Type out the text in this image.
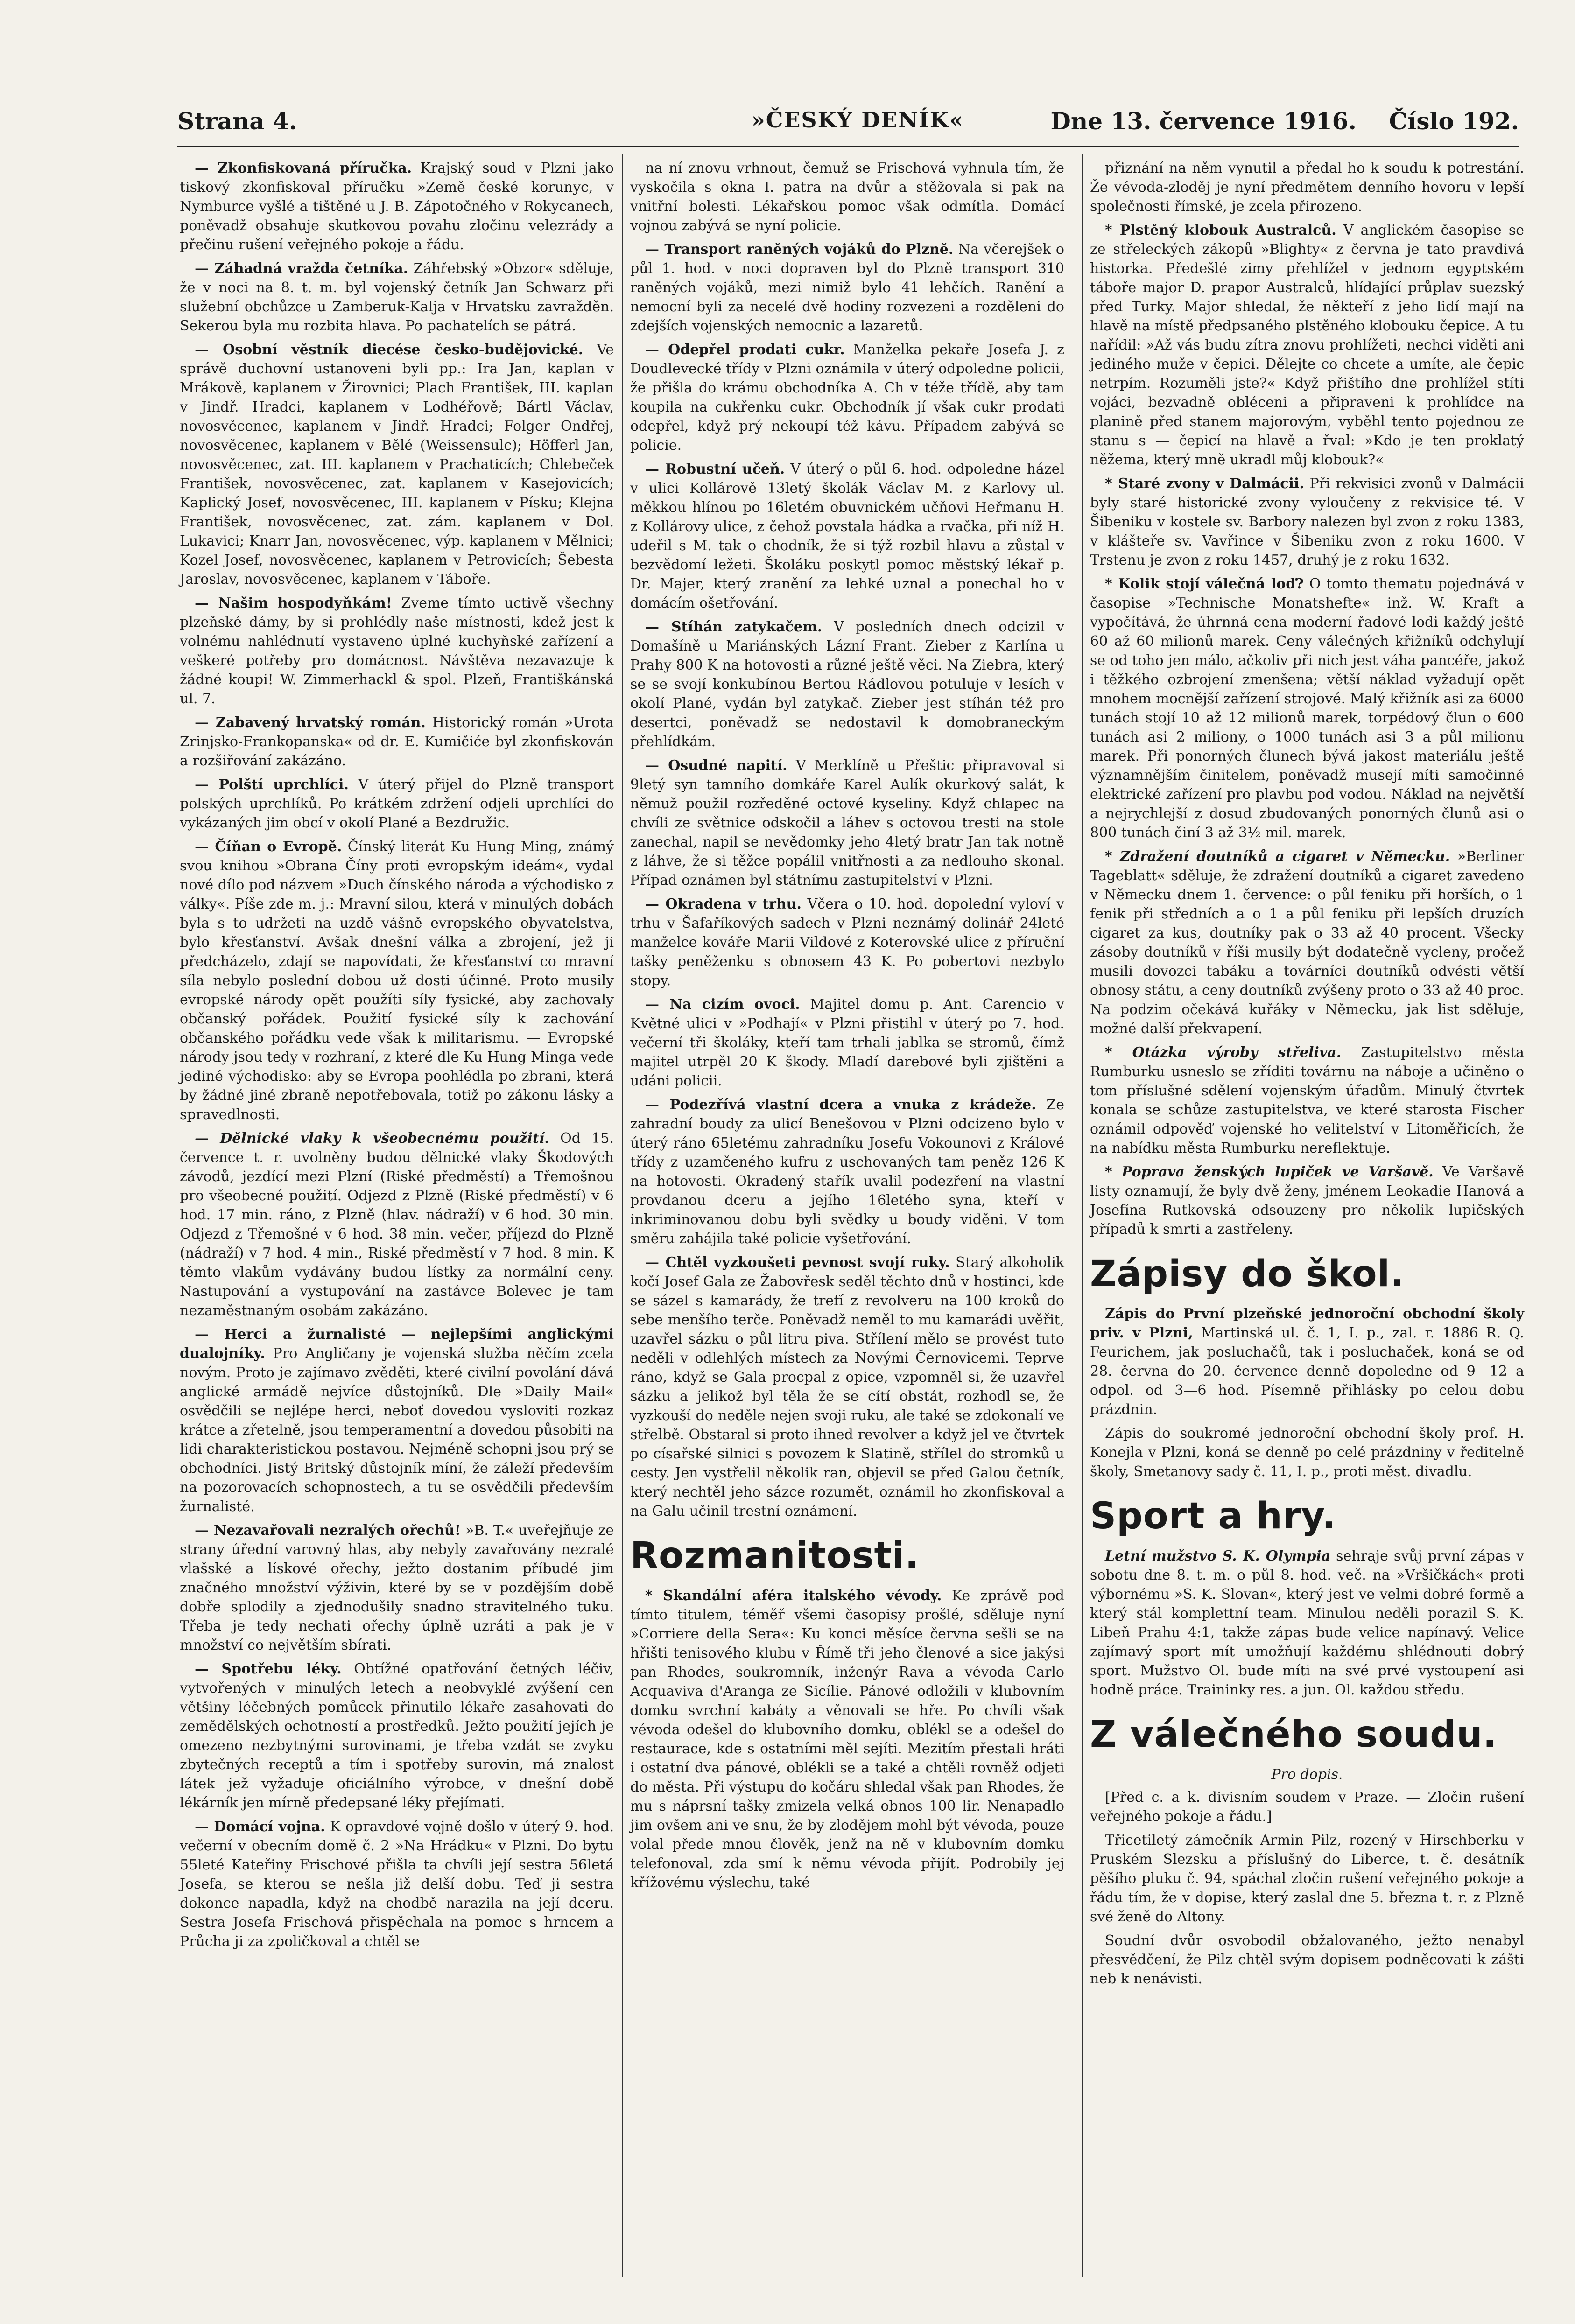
Strana 4.	»ČESKÝ DENÍK«	Dne 13. července 1916. Číslo 192.
— Zkonfiskovaná příručka. Krajský soud v Plzni jako tiskový zkonfiskoval příručku »Země české korunyc, v Nymburce vyšlé a tištěné u J. B. Zápotočného v Rokycanech, poněvadž obsahuje skutkovou povahu zločinu velezrády a přečinu rušení veřejného pokoje a řádu.
— Záhadná vražda četníka. Záhřebský »Obzor« sděluje, že v noci na 8. t. m. byl vojenský četník Jan Schwarz při služební obchůzce u Zamberuk-Kalja v Hrvatsku zavražděn. Sekerou byla mu rozbita hlava. Po pachatelích se pátrá.
— Osobní věstník diecése česko-budějovické. Ve správě duchovní ustanoveni byli pp.: Ira Jan, kaplan v Mrákově, kaplanem v Žirovnici; Plach František, III. kaplan v Jindř. Hradci, kaplanem v Lodhéřově; Bártl Václav, novosvěcenec, kaplanem v Jindř. Hradci; Folger Ondřej, novosvěcenec, kaplanem v Bělé (Weissensulc); Höfferl Jan, novosvěcenec, zat. III. kaplanem v Prachaticích; Chlebeček František, novosvěcenec, zat. kaplanem v Kasejovicích; Kaplický Josef, novosvěcenec, III. kaplanem v Písku; Klejna František, novosvěcenec, zat. zám. kaplanem v Dol. Lukavici; Knarr Jan, novosvěcenec, výp. kaplanem v Mělnici; Kozel Josef, novosvěcenec, kaplanem v Petrovicích; Šebesta Jaroslav, novosvěcenec, kaplanem v Táboře.
— Našim hospodyňkám! Zveme tímto uctivě všechny plzeňské dámy, by si prohlédly naše místnosti, kdež jest k volnému nahlédnutí vystaveno úplné kuchyňské zařízení a veškeré potřeby pro domácnost. Návštěva nezavazuje k žádné koupi! W. Zimmerhackl & spol. Plzeň, Františkánská ul. 7.
— Zabavený hrvatský román. Historický román »Urota Zrinjsko-Frankopanska« od dr. E. Kumičiće byl zkonfiskován a rozšiřování zakázáno.
— Polští uprchlíci. V úterý přijel do Plzně transport polských uprchlíků. Po krátkém zdržení odjeli uprchlíci do vykázaných jim obcí v okolí Plané a Bezdružic.
— Číňan o Evropě. Čínský literát Ku Hung Ming, známý svou knihou »Obrana Číny proti evropským ideám«, vydal nové dílo pod názvem »Duch čínského národa a východisko z války«. Píše zde m. j.: Mravní silou, která v minulých dobách byla s to udržeti na uzdě vášně evropského obyvatelstva, bylo křesťanství. Avšak dnešní válka a zbrojení, jež ji předcházelo, zdají se napovídati, že křesťanství co mravní síla nebylo poslední dobou už dosti účinné. Proto musily evropské národy opět použíti síly fysické, aby zachovaly občanský pořádek. Použití fysické síly k zachování občanského pořádku vede však k militarismu. — Evropské národy jsou tedy v rozhraní, z které dle Ku Hung Minga vede jediné východisko: aby se Evropa poohlédla po zbrani, která by žádné jiné zbraně nepotřebovala, totiž po zákonu lásky a spravedlnosti.
— Dělnické vlaky k všeobecnému použití. Od 15. července t. r. uvolněny budou dělnické vlaky Škodových závodů, jezdící mezi Plzní (Riské předměstí) a Třemošnou pro všeobecné použití. Odjezd z Plzně (Riské předměstí) v 6 hod. 17 min. ráno, z Plzně (hlav. nádraží) v 6 hod. 30 min. Odjezd z Třemošné v 6 hod. 38 min. večer, příjezd do Plzně (nádraží) v 7 hod. 4 min., Riské předměstí v 7 hod. 8 min. K těmto vlakům vydávány budou lístky za normální ceny. Nastupování a vystupování na zastávce Bolevec je tam nezaměstnaným osobám zakázáno.
— Herci a žurnalisté — nejlepšími anglickými dualojníky. Pro Angličany je vojenská služba něčím zcela novým. Proto je zajímavo zvěděti, které civilní povolání dává anglické armádě nejvíce důstojníků. Dle »Daily Mail« osvědčili se nejlépe herci, neboť dovedou vysloviti rozkaz krátce a zřetelně, jsou temperamentní a dovedou působiti na lidi charakteristickou postavou. Nejméně schopni jsou prý se obchodníci. Jistý Britský důstojník míní, že záleží především na pozorovacích schopnostech, a tu se osvědčili především žurnalisté.
— Nezavařovali nezralých ořechů! »B. T.« uveřejňuje ze strany úřední varovný hlas, aby nebyly zavařovány nezralé vlašské a lískové ořechy, ježto dostanim příbudé jim značného množství výživin, které by se v pozdějším době dobře splodily a zjednodušily snadno stravitelného tuku. Třeba je tedy nechati ořechy úplně uzráti a pak je v množství co největším sbírati.
— Spotřebu léky. Obtížné opatřování četných léčiv, vytvořených v minulých letech a neobvyklé zvýšení cen většiny léčebných pomůcek přinutilo lékaře zasahovati do zemědělských ochotností a prostředků. Ježto použití jejích je omezeno nezbytnými surovinami, je třeba vzdát se zvyku zbytečných receptů a tím i spotřeby surovin, má znalost látek jež vyžaduje oficiálního výrobce, v dnešní době lékárník jen mírně předepsané léky přejímati.
— Domácí vojna. K opravdové vojně došlo v úterý 9. hod. večerní v obecním domě č. 2 »Na Hrádku« v Plzni. Do bytu 55leté Kateřiny Frischové přišla ta chvíli její sestra 56letá Josefa, se kterou se nešla již delší dobu. Teď ji sestra dokonce napadla, když na chodbě narazila na její dceru. Sestra Josefa Frischová přispěchala na pomoc s hrncem a Průcha ji za zpoličkoval a chtěl se
na ní znovu vrhnout, čemuž se Frischová vyhnula tím, že vyskočila s okna I. patra na dvůr a stěžovala si pak na vnitřní bolesti. Lékařskou pomoc však odmítla. Domácí vojnou zabývá se nyní policie.
— Transport raněných vojáků do Plzně. Na včerejšek o půl 1. hod. v noci dopraven byl do Plzně transport 310 raněných vojáků, mezi nimiž bylo 41 lehčích. Ranění a nemocní byli za necelé dvě hodiny rozvezeni a rozděleni do zdejších vojenských nemocnic a lazaretů.
— Odepřel prodati cukr. Manželka pekaře Josefa J. z Doudlevecké třídy v Plzni oznámila v úterý odpoledne policii, že přišla do krámu obchodníka A. Ch v téže třídě, aby tam koupila na cukřenku cukr. Obchodník jí však cukr prodati odepřel, když prý nekoupí též kávu. Případem zabývá se policie.
— Robustní učeň. V úterý o půl 6. hod. odpoledne házel v ulici Kollárově 13letý školák Václav M. z Karlovy ul. měkkou hlínou po 16letém obuvnickém učňovi Heřmanu H. z Kollárovy ulice, z čehož povstala hádka a rvačka, při níž H. udeřil s M. tak o chodník, že si týž rozbil hlavu a zůstal v bezvědomí ležeti. Školáku poskytl pomoc městský lékař p. Dr. Majer, který zranění za lehké uznal a ponechal ho v domácím ošetřování.
— Stíhán zatykačem. V posledních dnech odcizil v Domašíně u Mariánských Lázní Frant. Zieber z Karlína u Prahy 800 K na hotovosti a různé ještě věci. Na Ziebra, který se se svojí konkubínou Bertou Rádlovou potuluje v lesích v okolí Plané, vydán byl zatykač. Zieber jest stíhán též pro desertci, poněvadž se nedostavil k domobraneckým přehlídkám.
— Osudné napití. V Merklíně u Přeštic připravoval si 9letý syn tamního domkáře Karel Aulík okurkový salát, k němuž použil rozředěné octové kyseliny. Když chlapec na chvíli ze světnice odskočil a láhev s octovou tresti na stole zanechal, napil se nevědomky jeho 4letý bratr Jan tak notně z láhve, že si těžce popálil vnitřnosti a za nedlouho skonal. Případ oznámen byl státnímu zastupitelství v Plzni.
— Okradena v trhu. Včera o 10. hod. dopolední vyloví v trhu v Šafaříkových sadech v Plzni neznámý dolinář 24leté manželce kováře Marii Vildové z Koterovské ulice z příruční tašky peněženku s obnosem 43 K. Po pobertovi nezbylo stopy.
— Na cizím ovoci. Majitel domu p. Ant. Carencio v Květné ulici v »Podhají« v Plzni přistihl v úterý po 7. hod. večerní tři školáky, kteří tam trhali jablka se stromů, čímž majitel utrpěl 20 K škody. Mladí darebové byli zjištěni a udáni policii.
— Podezřívá vlastní dcera a vnuka z krádeže. Ze zahradní boudy za ulicí Benešovou v Plzni odcizeno bylo v úterý ráno 65letému zahradníku Josefu Vokounovi z Králové třídy z uzamčeného kufru z uschovaných tam peněz 126 K na hotovosti. Okradený stařík uvalil podezření na vlastní provdanou dceru a jejího 16letého syna, kteří v inkriminovanou dobu byli svědky u boudy viděni. V tom směru zahájila také policie vyšetřování.
— Chtěl vyzkoušeti pevnost svojí ruky. Starý alkoholik kočí Josef Gala ze Žabovřesk seděl těchto dnů v hostinci, kde se sázel s kamarády, že trefí z revolveru na 100 kroků do sebe menšího terče. Poněvadž neměl to mu kamarádi uvěřit, uzavřel sázku o půl litru piva. Střílení mělo se provést tuto neděli v odlehlých místech za Novými Černovicemi. Teprve ráno, když se Gala procpal z opice, vzpomněl si, že uzavřel sázku a jelikož byl těla že se cítí obstát, rozhodl se, že vyzkouší do neděle nejen svoji ruku, ale také se zdokonalí ve střelbě. Obstaral si proto ihned revolver a když jel ve čtvrtek po císařské silnici s povozem k Slatině, střílel do stromků u cesty. Jen vystřelil několik ran, objevil se před Galou četník, který nechtěl jeho sázce rozumět, oznámil ho zkonfiskoval a na Galu učinil trestní oznámení.
Rozmanitosti.
* Skandální aféra italského vévody. Ke zprávě pod tímto titulem, téměř všemi časopisy prošlé, sděluje nyní »Corriere della Sera«: Ku konci měsíce června sešli se na hřišti tenisového klubu v Římě tři jeho členové a sice jakýsi pan Rhodes, soukromník, inženýr Rava a vévoda Carlo Acquaviva d'Aranga ze Sicílie. Pánové odložili v klubovním domku svrchní kabáty a věnovali se hře. Po chvíli však vévoda odešel do klubovního domku, oblékl se a odešel do restaurace, kde s ostatními měl sejíti. Mezitím přestali hráti i ostatní dva pánové, oblékli se a také a chtěli rovněž odjeti do města. Při výstupu do kočáru shledal však pan Rhodes, že mu s náprsní tašky zmizela velká obnos 100 lir. Nenapadlo jim ovšem ani ve snu, že by zlodějem mohl být vévoda, pouze volal přede mnou člověk, jenž na ně v klubovním domku telefonoval, zda smí k němu vévoda přijít. Podrobily jej křížovému výslechu, také
přiznání na něm vynutil a předal ho k soudu k potrestání. Že vévoda-zloděj je nyní předmětem denního hovoru v lepší společnosti římské, je zcela přirozeno.
* Plstěný klobouk Australců. V anglickém časopise se ze střeleckých zákopů »Blighty« z června je tato pravdivá historka. Předešlé zimy přehlížel v jednom egyptském táboře major D. prapor Australců, hlídající průplav suezský před Turky. Major shledal, že někteří z jeho lidí mají na hlavě na místě předpsaného plstěného klobouku čepice. A tu nařídil: »Až vás budu zítra znovu prohlížeti, nechci viděti ani jediného muže v čepici. Dělejte co chcete a umíte, ale čepic netrpím. Rozuměli jste?« Když přištího dne prohlížel stíti vojáci, bezvadně obléceni a připraveni k prohlídce na planině před stanem majorovým, vyběhl tento pojednou ze stanu s — čepicí na hlavě a řval: »Kdo je ten proklatý něžema, který mně ukradl můj klobouk?«
* Staré zvony v Dalmácii. Při rekvisici zvonů v Dalmácii byly staré historické zvony vyloučeny z rekvisice té. V Šibeniku v kostele sv. Barbory nalezen byl zvon z roku 1383, v klášteře sv. Vavřince v Šibeniku zvon z roku 1600. V Trstenu je zvon z roku 1457, druhý je z roku 1632.
* Kolik stojí válečná loď? O tomto thematu pojednává v časopise »Technische Monatshefte« inž. W. Kraft a vypočítává, že úhrnná cena moderní řadové lodi každý ještě 60 až 60 milionů marek. Ceny válečných křižníků odchylují se od toho jen málo, ačkoliv při nich jest váha pancéře, jakož i těžkého ozbrojení zmenšena; větší náklad vyžadují opět mnohem mocnější zařízení strojové. Malý křižník asi za 6000 tunách stojí 10 až 12 milionů marek, torpédový člun o 600 tunách asi 2 miliony, o 1000 tunách asi 3 a půl milionu marek. Při ponorných člunech bývá jakost materiálu ještě významnějším činitelem, poněvadž musejí míti samočinné elektrické zařízení pro plavbu pod vodou. Náklad na největší a nejrychlejší z dosud zbudovaných ponorných člunů asi o 800 tunách činí 3 až 3½ mil. marek.
* Zdražení doutníků a cigaret v Německu. »Berliner Tageblatt« sděluje, že zdražení doutníků a cigaret zavedeno v Německu dnem 1. července: o půl feniku při horších, o 1 fenik při středních a o 1 a půl feniku při lepších druzích cigaret za kus, doutníky pak o 33 až 40 procent. Všecky zásoby doutníků v říši musily být dodatečně vycleny, pročež musili dovozci tabáku a továrníci doutníků odvésti větší obnosy státu, a ceny doutníků zvýšeny proto o 33 až 40 proc. Na podzim očekává kuřáky v Německu, jak list sděluje, možné další překvapení.
* Otázka výroby střeliva. Zastupitelstvo města Rumburku usneslo se zříditi továrnu na náboje a učiněno o tom příslušné sdělení vojenským úřadům. Minulý čtvrtek konala se schůze zastupitelstva, ve které starosta Fischer oznámil odpověď vojenské ho velitelství v Litoměřicích, že na nabídku města Rumburku nereflektuje.
* Poprava ženských lupiček ve Varšavě. Ve Varšavě listy oznamují, že byly dvě ženy, jménem Leokadie Hanová a Josefína Rutkovská odsouzeny pro několik lupičských případů k smrti a zastřeleny.
Zápisy do škol.
Zápis do První plzeňské jednoroční obchodní školy priv. v Plzni, Martinská ul. č. 1, I. p., zal. r. 1886 R. Q. Feurichem, jak posluchačů, tak i posluchaček, koná se od 28. června do 20. července denně dopoledne od 9—12 a odpol. od 3—6 hod. Písemně přihlásky po celou dobu prázdnin.
Zápis do soukromé jednoroční obchodní školy prof. H. Konejla v Plzni, koná se denně po celé prázdniny v ředitelně školy, Smetanovy sady č. 11, I. p., proti měst. divadlu.
Sport a hry.
Letní mužstvo S. K. Olympia sehraje svůj první zápas v sobotu dne 8. t. m. o půl 8. hod. več. na »Vršičkách« proti výbornému »S. K. Slovan«, který jest ve velmi dobré formě a který stál komplettní team. Minulou neděli porazil S. K. Libeň Prahu 4:1, takže zápas bude velice napínavý. Velice zajímavý sport mít umožňují každému shlédnouti dobrý sport. Mužstvo Ol. bude míti na své prvé vystoupení asi hodně práce. Traininky res. a jun. Ol. každou středu.
Z válečného soudu.
Pro dopis.
[Před c. a k. divisním soudem v Praze. — Zločin rušení veřejného pokoje a řádu.]
Třicetiletý zámečník Armin Pilz, rozený v Hirschberku v Pruském Slezsku a příslušný do Liberce, t. č. desátník pěšího pluku č. 94, spáchal zločin rušení veřejného pokoje a řádu tím, že v dopise, který zaslal dne 5. března t. r. z Plzně své ženě do Altony.
Soudní dvůr osvobodil obžalovaného, ježto nenabyl přesvědčení, že Pilz chtěl svým dopisem podněcovati k zášti neb k nenávisti.
